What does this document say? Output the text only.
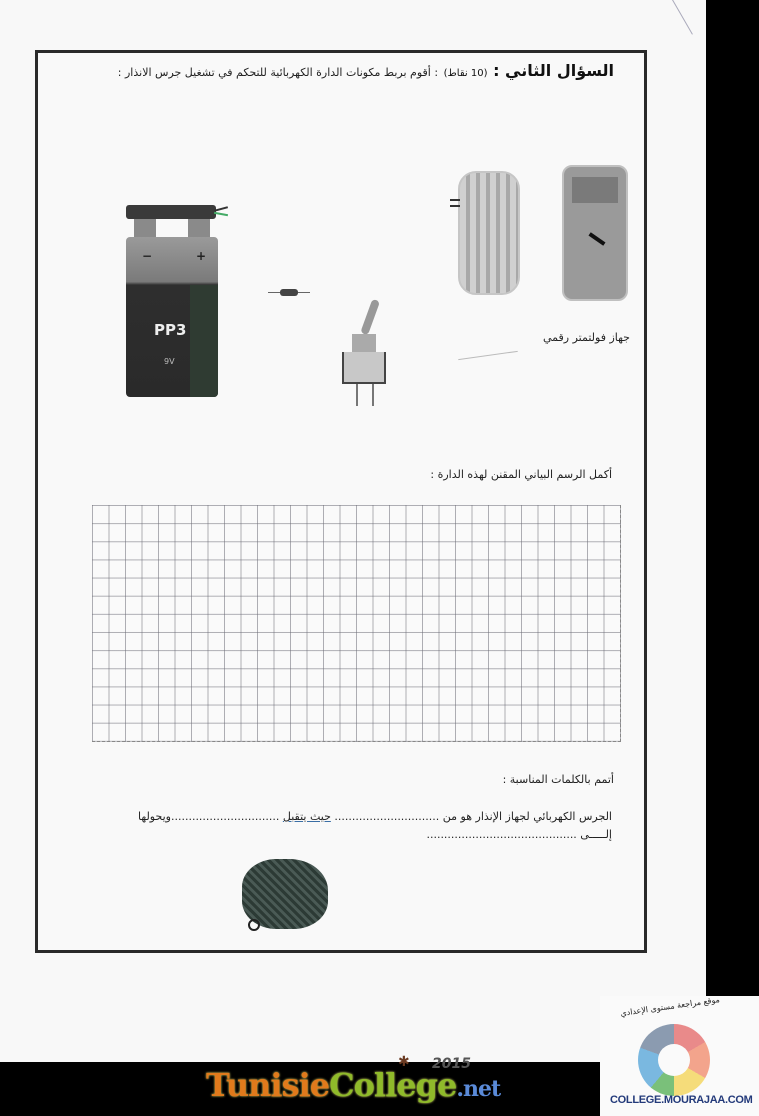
السؤال الثاني : (10 نقاط) : أقوم بربط مكونات الدارة الكهربائية للتحكم في تشغيل جرس الانذار :
−	+
PP3
9V
جهاز فولتمتر رقمي
أكمل الرسم البياني المقنن لهذه الدارة :
أتمم بالكلمات المناسبة :
الجرس الكهربائي لجهاز الإنذار هو من .............................. حيث يتقبل ...............................ويحولها
إلـــــى ...........................................
TunisieCollege.net
✱ 2015
موقع مراجعة مستوى الإعدادي
COLLEGE.MOURAJAA.COM
